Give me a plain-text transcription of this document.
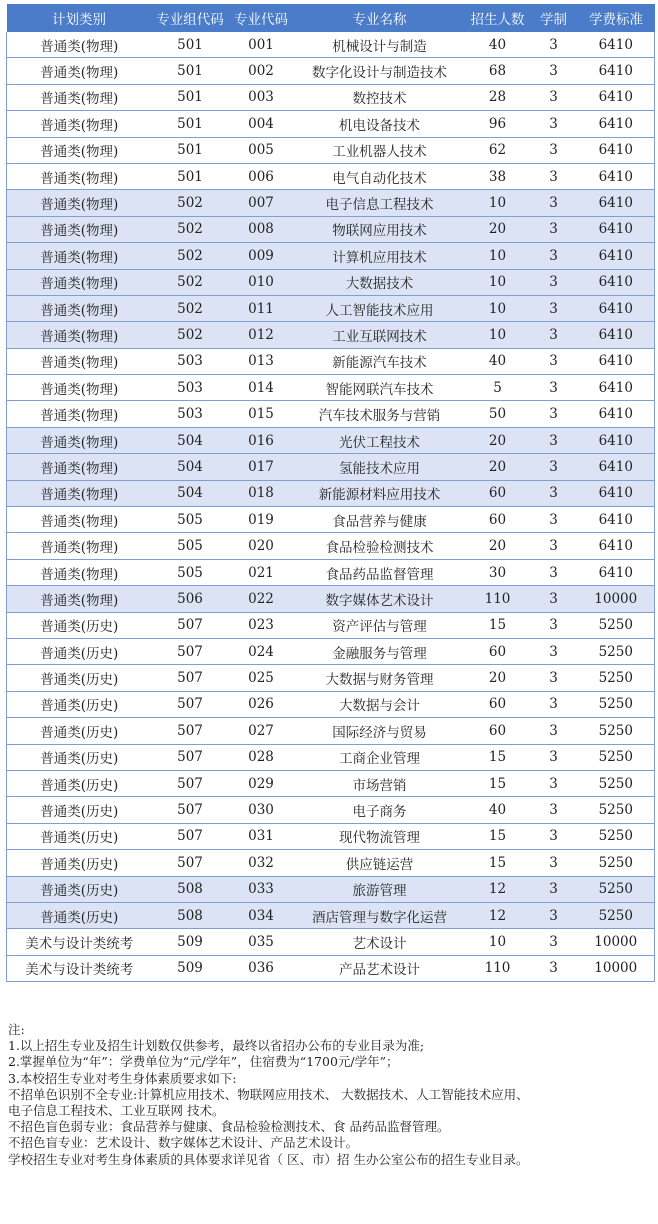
计划类别	专业组代码	专业代码	专业名称	招生人数	学制	学费标准
普通类(物理)	501	001	机械设计与制造	40	3	6410
普通类(物理)	501	002	数字化设计与制造技术	68	3	6410
普通类(物理)	501	003	数控技术	28	3	6410
普通类(物理)	501	004	机电设备技术	96	3	6410
普通类(物理)	501	005	工业机器人技术	62	3	6410
普通类(物理)	501	006	电气自动化技术	38	3	6410
普通类(物理)	502	007	电子信息工程技术	10	3	6410
普通类(物理)	502	008	物联网应用技术	20	3	6410
普通类(物理)	502	009	计算机应用技术	10	3	6410
普通类(物理)	502	010	大数据技术	10	3	6410
普通类(物理)	502	011	人工智能技术应用	10	3	6410
普通类(物理)	502	012	工业互联网技术	10	3	6410
普通类(物理)	503	013	新能源汽车技术	40	3	6410
普通类(物理)	503	014	智能网联汽车技术	5	3	6410
普通类(物理)	503	015	汽车技术服务与营销	50	3	6410
普通类(物理)	504	016	光伏工程技术	20	3	6410
普通类(物理)	504	017	氢能技术应用	20	3	6410
普通类(物理)	504	018	新能源材料应用技术	60	3	6410
普通类(物理)	505	019	食品营养与健康	60	3	6410
普通类(物理)	505	020	食品检验检测技术	20	3	6410
普通类(物理)	505	021	食品药品监督管理	30	3	6410
普通类(物理)	506	022	数字媒体艺术设计	110	3	10000
普通类(历史)	507	023	资产评估与管理	15	3	5250
普通类(历史)	507	024	金融服务与管理	60	3	5250
普通类(历史)	507	025	大数据与财务管理	20	3	5250
普通类(历史)	507	026	大数据与会计	60	3	5250
普通类(历史)	507	027	国际经济与贸易	60	3	5250
普通类(历史)	507	028	工商企业管理	15	3	5250
普通类(历史)	507	029	市场营销	15	3	5250
普通类(历史)	507	030	电子商务	40	3	5250
普通类(历史)	507	031	现代物流管理	15	3	5250
普通类(历史)	507	032	供应链运营	15	3	5250
普通类(历史)	508	033	旅游管理	12	3	5250
普通类(历史)	508	034	酒店管理与数字化运营	12	3	5250
美术与设计类统考	509	035	艺术设计	10	3	10000
美术与设计类统考	509	036	产品艺术设计	110	3	10000
注:
1.以上招生专业及招生计划数仅供参考，最终以省招办公布的专业目录为准;
2.掌握单位为“年”：学费单位为“元/学年”，住宿费为“1700元/学年”；
3.本校招生专业对考生身体素质要求如下:
不招单色识别不全专业:计算机应用技术、物联网应用技术、 大数据技术、人工智能技术应用、
电子信息工程技术、工业互联网 技术。
不招色盲色弱专业：食品营养与健康、食品检验检测技术、食 品药品监督管理。
不招色盲专业：艺术设计、数字媒体艺术设计、产品艺术设计。
学校招生专业对考生身体素质的具体要求详见省（ 区、市）招 生办公室公布的招生专业目录。
